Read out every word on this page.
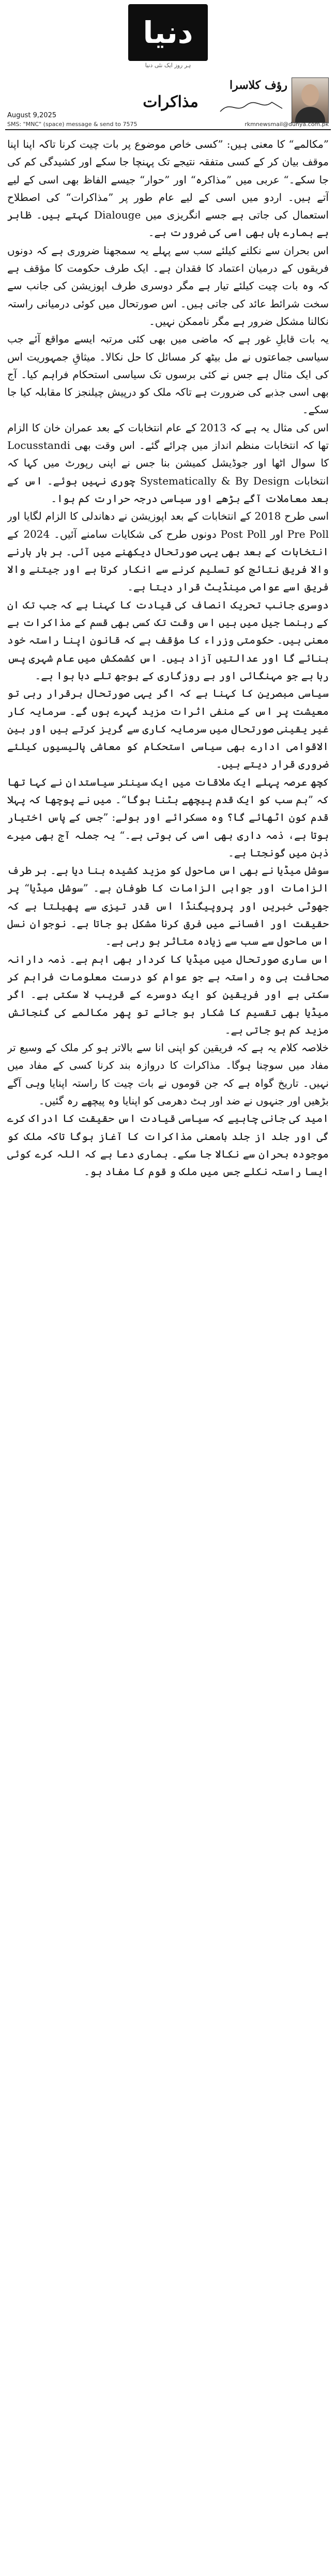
دنیا
ہر روز ایک نئی دنیا
رؤف کلاسرا
مذاکرات
August 9,2025
SMS: "MNC" (space) message & send to 7575	rkmnewsmail@dunya.com.pk

”مکالمے“ کا معنی ہیں: ”کسی خاص موضوع پر بات چیت کرنا تاکہ اپنا اپنا موقف بیان کر کے کسی متفقہ نتیجے تک پہنچا جا سکے اور کشیدگی کم کی جا سکے۔“ عربی میں ”مذاکرہ“ اور ”حوار“ جیسے الفاظ بھی اسی کے لیے آتے ہیں۔ اردو میں اسی کے لیے عام طور پر ”مذاکرات“ کی اصطلاح استعمال کی جاتی ہے جسے انگریزی میں Dialouge کہتے ہیں۔ ظاہر ہے ہمارے ہاں بھی اسی کی ضرورت ہے۔

اس بحران سے نکلنے کیلئے سب سے پہلے یہ سمجھنا ضروری ہے کہ دونوں فریقوں کے درمیان اعتماد کا فقدان ہے۔ ایک طرف حکومت کا مؤقف ہے کہ وہ بات چیت کیلئے تیار ہے مگر دوسری طرف اپوزیشن کی جانب سے سخت شرائط عائد کی جاتی ہیں۔ اس صورتحال میں کوئی درمیانی راستہ نکالنا مشکل ضرور ہے مگر ناممکن نہیں۔

یہ بات قابلِ غور ہے کہ ماضی میں بھی کئی مرتبہ ایسے مواقع آئے جب سیاسی جماعتوں نے مل بیٹھ کر مسائل کا حل نکالا۔ میثاقِ جمہوریت اس کی ایک مثال ہے جس نے کئی برسوں تک سیاسی استحکام فراہم کیا۔ آج بھی اسی جذبے کی ضرورت ہے تاکہ ملک کو درپیش چیلنجز کا مقابلہ کیا جا سکے۔

اس کی مثال یہ ہے کہ 2013 کے عام انتخابات کے بعد عمران خان کا الزام تھا کہ انتخابات منظم انداز میں چرائے گئے۔ اس وقت بھی Locusstandi کا سوال اٹھا اور جوڈیشل کمیشن بنا جس نے اپنی رپورٹ میں کہا کہ انتخابات Systematically & By Design چوری نہیں ہوئے۔ اس کے بعد معاملات آگے بڑھے اور سیاسی درجہ حرارت کم ہوا۔

اسی طرح 2018 کے انتخابات کے بعد اپوزیشن نے دھاندلی کا الزام لگایا اور Pre Poll اور Post Poll دونوں طرح کی شکایات سامنے آئیں۔ 2024 کے انتخابات کے بعد بھی یہی صورتحال دیکھنے میں آئی۔ ہر بار ہارنے والا فریق نتائج کو تسلیم کرنے سے انکار کرتا ہے اور جیتنے والا فریق اسے عوامی مینڈیٹ قرار دیتا ہے۔

دوسری جانب تحریک انصاف کی قیادت کا کہنا ہے کہ جب تک ان کے رہنما جیل میں ہیں اس وقت تک کسی بھی قسم کے مذاکرات بے معنی ہیں۔ حکومتی وزراء کا مؤقف ہے کہ قانون اپنا راستہ خود بنائے گا اور عدالتیں آزاد ہیں۔ اس کشمکش میں عام شہری پس رہا ہے جو مہنگائی اور بے روزگاری کے بوجھ تلے دبا ہوا ہے۔

سیاسی مبصرین کا کہنا ہے کہ اگر یہی صورتحال برقرار رہی تو معیشت پر اس کے منفی اثرات مزید گہرے ہوں گے۔ سرمایہ کار غیر یقینی صورتحال میں سرمایہ کاری سے گریز کرتے ہیں اور بین الاقوامی ادارے بھی سیاسی استحکام کو معاشی پالیسیوں کیلئے ضروری قرار دیتے ہیں۔

کچھ عرصہ پہلے ایک ملاقات میں ایک سینئر سیاستدان نے کہا تھا کہ ”ہم سب کو ایک قدم پیچھے ہٹنا ہوگا“۔ میں نے پوچھا کہ پہلا قدم کون اٹھائے گا؟ وہ مسکرائے اور بولے: ”جس کے پاس اختیار ہوتا ہے، ذمہ داری بھی اسی کی ہوتی ہے۔“ یہ جملہ آج بھی میرے ذہن میں گونجتا ہے۔

سوشل میڈیا نے بھی اس ماحول کو مزید کشیدہ بنا دیا ہے۔ ہر طرف الزامات اور جوابی الزامات کا طوفان ہے۔ ”سوشل میڈیا“ پر جھوٹی خبریں اور پروپیگنڈا اس قدر تیزی سے پھیلتا ہے کہ حقیقت اور افسانے میں فرق کرنا مشکل ہو جاتا ہے۔ نوجوان نسل اس ماحول سے سب سے زیادہ متاثر ہو رہی ہے۔

اس ساری صورتحال میں میڈیا کا کردار بھی اہم ہے۔ ذمہ دارانہ صحافت ہی وہ راستہ ہے جو عوام کو درست معلومات فراہم کر سکتی ہے اور فریقین کو ایک دوسرے کے قریب لا سکتی ہے۔ اگر میڈیا بھی تقسیم کا شکار ہو جائے تو پھر مکالمے کی گنجائش مزید کم ہو جاتی ہے۔

خلاصہ کلام یہ ہے کہ فریقین کو اپنی انا سے بالاتر ہو کر ملک کے وسیع تر مفاد میں سوچنا ہوگا۔ مذاکرات کا دروازہ بند کرنا کسی کے مفاد میں نہیں۔ تاریخ گواہ ہے کہ جن قوموں نے بات چیت کا راستہ اپنایا وہی آگے بڑھیں اور جنہوں نے ضد اور ہٹ دھرمی کو اپنایا وہ پیچھے رہ گئیں۔

امید کی جانی چاہیے کہ سیاسی قیادت اس حقیقت کا ادراک کرے گی اور جلد از جلد بامعنی مذاکرات کا آغاز ہوگا تاکہ ملک کو موجودہ بحران سے نکالا جا سکے۔ ہماری دعا ہے کہ اللہ کرے کوئی ایسا راستہ نکلے جس میں ملک و قوم کا مفاد ہو۔
